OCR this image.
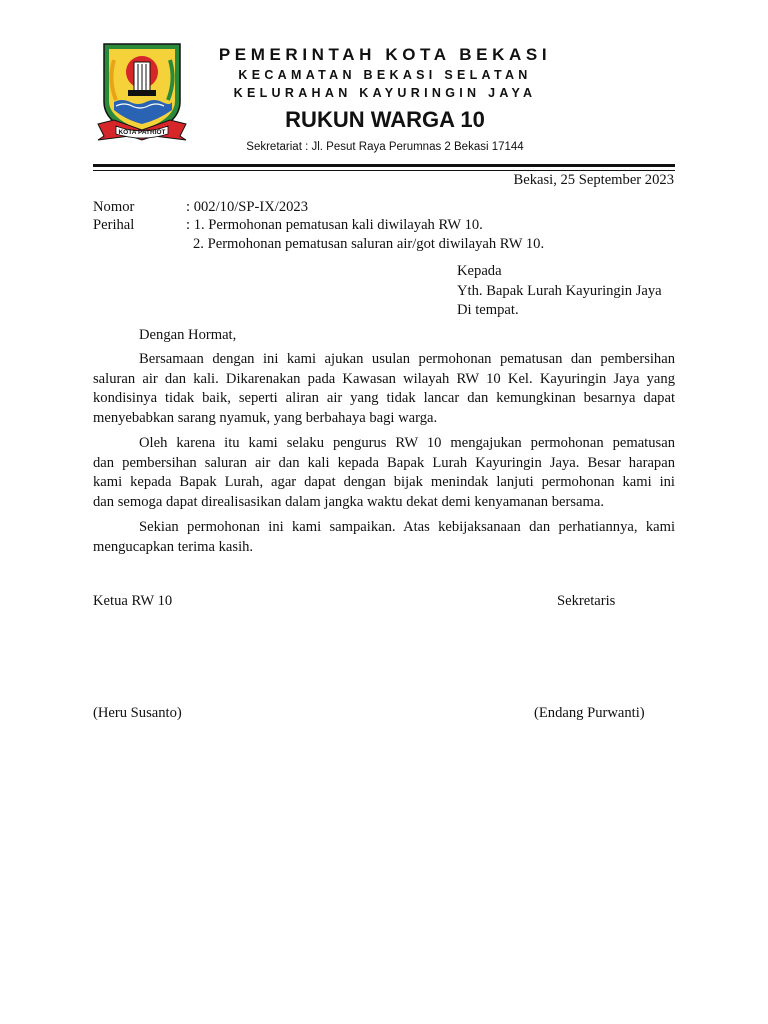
KOTA PATRIOT
PEMERINTAH KOTA BEKASI
KECAMATAN BEKASI SELATAN
KELURAHAN KAYURINGIN JAYA
RUKUN WARGA 10
Sekretariat : Jl. Pesut Raya Perumnas 2 Bekasi 17144
Bekasi, 25 September 2023
Nomor	: 002/10/SP-IX/2023
Perihal	: 1. Permohonan pematusan kali diwilayah RW 10.
2. Permohonan pematusan saluran air/got diwilayah RW 10.
Kepada
Yth. Bapak Lurah Kayuringin Jaya
Di tempat.
Dengan Hormat,
Bersamaan dengan ini kami ajukan usulan permohonan pematusan dan pembersihan
saluran air dan kali. Dikarenakan pada Kawasan wilayah RW 10 Kel. Kayuringin Jaya yang
kondisinya tidak baik, seperti aliran air yang tidak lancar dan kemungkinan besarnya dapat
menyebabkan sarang nyamuk, yang berbahaya bagi warga.
Oleh karena itu kami selaku pengurus RW 10 mengajukan permohonan pematusan
dan pembersihan saluran air dan kali kepada Bapak Lurah Kayuringin Jaya. Besar harapan
kami kepada Bapak Lurah, agar dapat dengan bijak menindak lanjuti permohonan kami ini
dan semoga dapat direalisasikan dalam jangka waktu dekat demi kenyamanan bersama.
Sekian permohonan ini kami sampaikan. Atas kebijaksanaan dan perhatiannya, kami
mengucapkan terima kasih.
Ketua RW 10	Sekretaris
(Heru Susanto)	(Endang Purwanti)
